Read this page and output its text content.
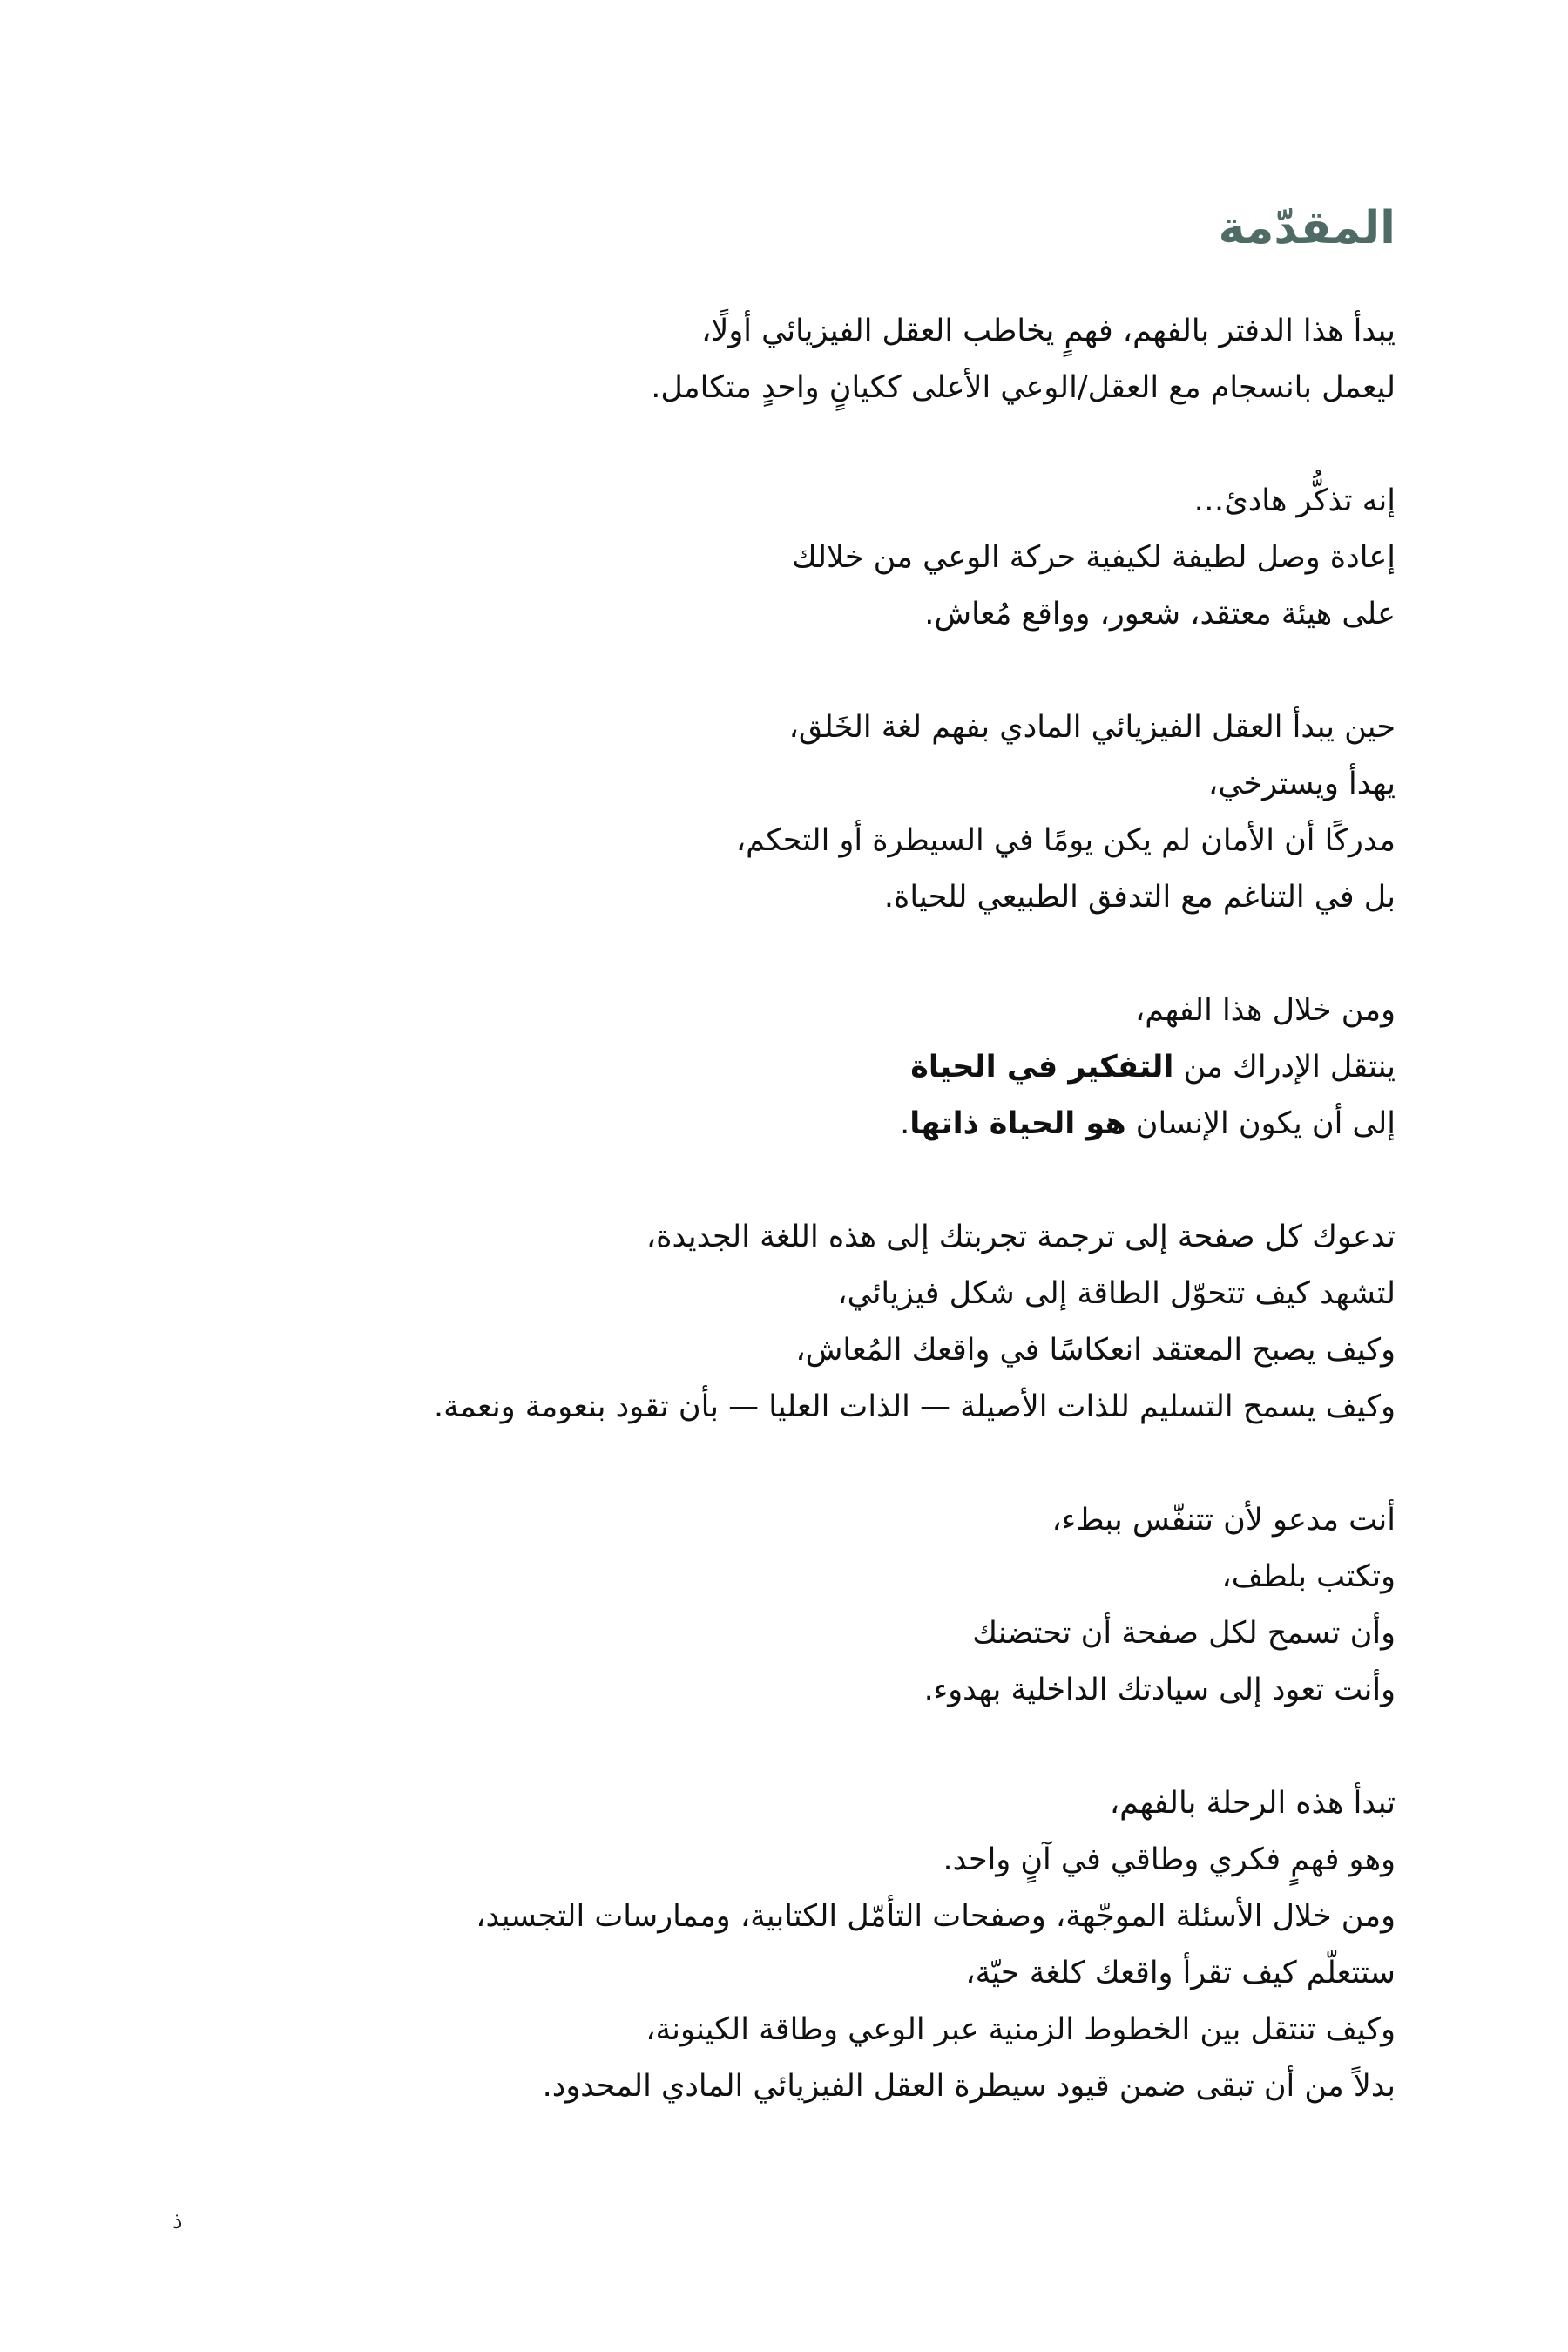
المقدّمة

يبدأ هذا الدفتر بالفهم، فهمٍ يخاطب العقل الفيزيائي أولًا،
ليعمل بانسجام مع العقل/الوعي الأعلى ككيانٍ واحدٍ متكامل.

إنه تذكُّر هادئ…
إعادة وصل لطيفة لكيفية حركة الوعي من خلالك
على هيئة معتقد، شعور، وواقع مُعاش.

حين يبدأ العقل الفيزيائي المادي بفهم لغة الخَلق،
يهدأ ويسترخي،
مدركًا أن الأمان لم يكن يومًا في السيطرة أو التحكم،
بل في التناغم مع التدفق الطبيعي للحياة.

ومن خلال هذا الفهم،
ينتقل الإدراك من التفكير في الحياة
إلى أن يكون الإنسان هو الحياة ذاتها.

تدعوك كل صفحة إلى ترجمة تجربتك إلى هذه اللغة الجديدة،
لتشهد كيف تتحوّل الطاقة إلى شكل فيزيائي،
وكيف يصبح المعتقد انعكاسًا في واقعك المُعاش،
وكيف يسمح التسليم للذات الأصيلة — الذات العليا — بأن تقود بنعومة ونعمة.

أنت مدعو لأن تتنفّس ببطء،
وتكتب بلطف،
وأن تسمح لكل صفحة أن تحتضنك
وأنت تعود إلى سيادتك الداخلية بهدوء.

تبدأ هذه الرحلة بالفهم،
وهو فهمٍ فكري وطاقي في آنٍ واحد.
ومن خلال الأسئلة الموجّهة، وصفحات التأمّل الكتابية، وممارسات التجسيد،
ستتعلّم كيف تقرأ واقعك كلغة حيّة،
وكيف تنتقل بين الخطوط الزمنية عبر الوعي وطاقة الكينونة،
بدلاً من أن تبقى ضمن قيود سيطرة العقل الفيزيائي المادي المحدود.

ذ
